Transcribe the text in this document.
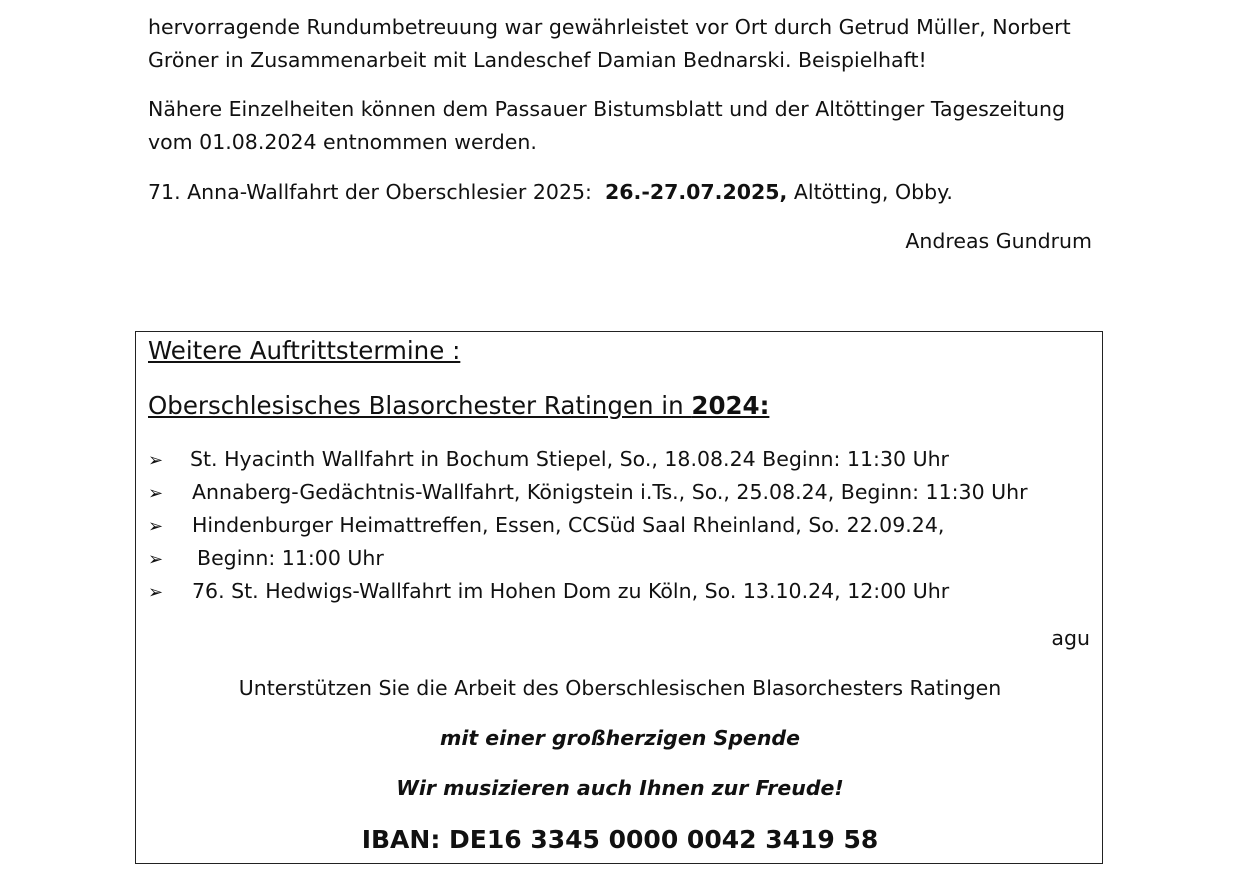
hervorragende Rundumbetreuung war gewährleistet vor Ort durch Getrud Müller, Norbert
Gröner in Zusammenarbeit mit Landeschef Damian Bednarski. Beispielhaft!

Nähere Einzelheiten können dem Passauer Bistumsblatt und der Altöttinger Tageszeitung
vom 01.08.2024 entnommen werden.

71. Anna-Wallfahrt der Oberschlesier 2025: 26.-27.07.2025, Altötting, Obby.

Andreas Gundrum

Weitere Auftrittstermine :
Oberschlesisches Blasorchester Ratingen in 2024:
➢ St. Hyacinth Wallfahrt in Bochum Stiepel, So., 18.08.24 Beginn: 11:30 Uhr
➢ Annaberg-Gedächtnis-Wallfahrt, Königstein i.Ts., So., 25.08.24, Beginn: 11:30 Uhr
➢ Hindenburger Heimattreffen, Essen, CCSüd Saal Rheinland, So. 22.09.24,
➢ Beginn: 11:00 Uhr
➢ 76. St. Hedwigs-Wallfahrt im Hohen Dom zu Köln, So. 13.10.24, 12:00 Uhr
agu
Unterstützen Sie die Arbeit des Oberschlesischen Blasorchesters Ratingen
mit einer großherzigen Spende
Wir musizieren auch Ihnen zur Freude!
IBAN: DE16 3345 0000 0042 3419 58
